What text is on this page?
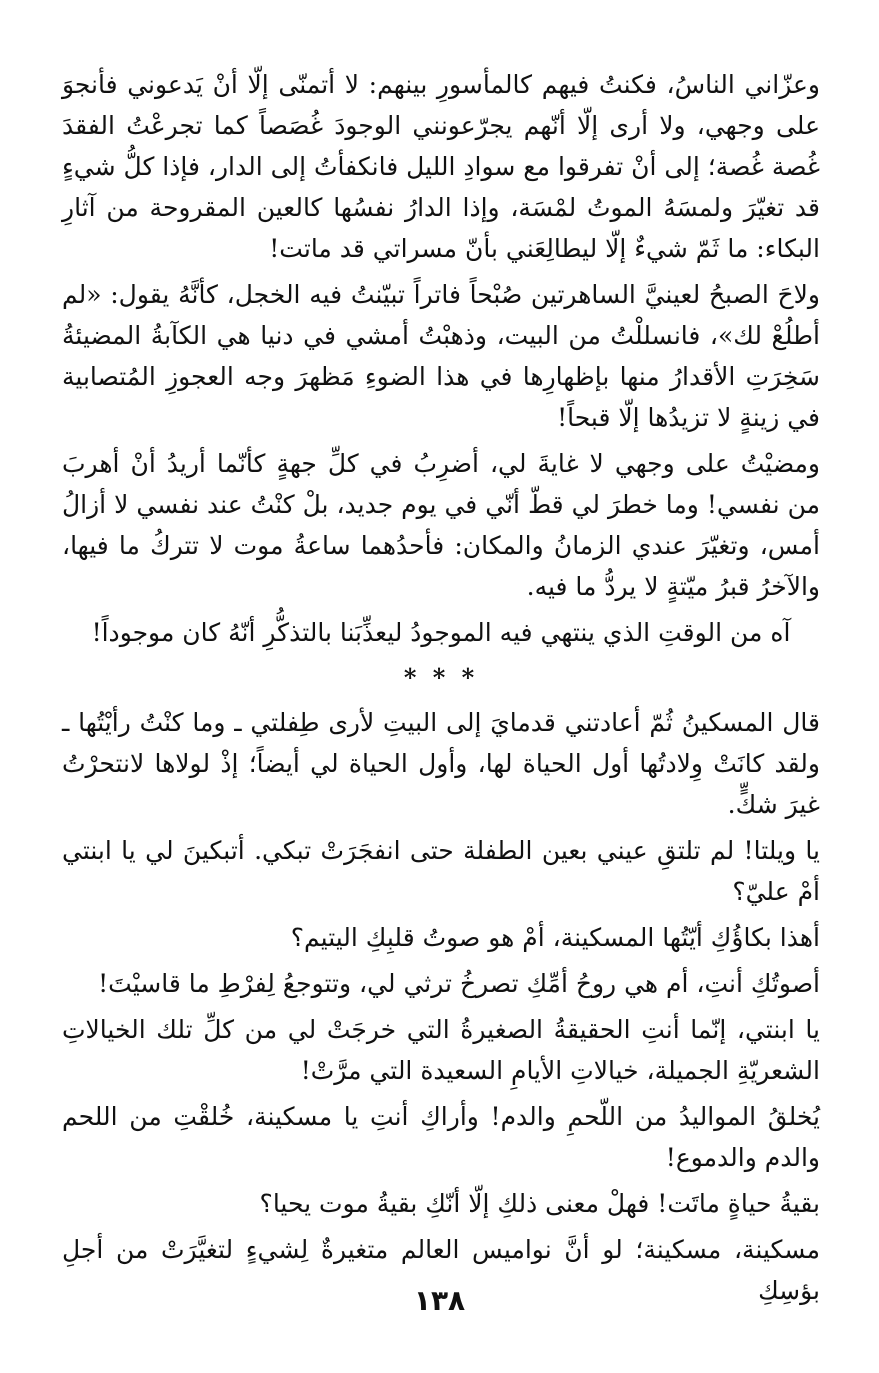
وعزّاني الناسُ، فكنتُ فيهم كالمأسورِ بينهم: لا أتمنّى إلّا أنْ يَدعوني فأنجوَ على وجهي، ولا أرى إلّا أنّهم يجرّعونني الوجودَ غُصَصاً كما تجرعْتُ الفقدَ غُصة غُصة؛ إلى أنْ تفرقوا مع سوادِ الليل فانكفأتُ إلى الدار، فإذا كلُّ شيءٍ قد تغيّرَ ولمسَهُ الموتُ لمْسَة، وإذا الدارُ نفسُها كالعين المقروحة من آثارِ البكاء: ما ثَمّ شيءٌ إلّا ليطالِعَني بأنّ مسراتي قد ماتت!

ولاحَ الصبحُ لعينيَّ الساهرتين صُبْحاً فاتراً تبيّنتُ فيه الخجل، كأنَّهُ يقول: «لم أطلُعْ لك»، فانسللْتُ من البيت، وذهبْتُ أمشي في دنيا هي الكآبةُ المضيئةُ سَخِرَتِ الأقدارُ منها بإظهارِها في هذا الضوءِ مَظهرَ وجه العجوزِ المُتصابية في زينةٍ لا تزيدُها إلّا قبحاً!

ومضيْتُ على وجهي لا غايةَ لي، أضرِبُ في كلِّ جهةٍ كأنّما أريدُ أنْ أهربَ من نفسي! وما خطرَ لي قطّ أنّي في يوم جديد، بلْ كنْتُ عند نفسي لا أزالُ أمس، وتغيّرَ عندي الزمانُ والمكان: فأحدُهما ساعةُ موت لا تتركُ ما فيها، والآخرُ قبرُ ميّتةٍ لا يردُّ ما فيه.

آه من الوقتِ الذي ينتهي فيه الموجودُ ليعذِّبَنا بالتذكُّرِ أنّهُ كان موجوداً!

* * *

قال المسكينُ ثُمّ أعادتني قدمايَ إلى البيتِ لأرى طِفلتي ـ وما كنْتُ رأيْتُها ـ ولقد كانَتْ وِلادتُها أول الحياة لها، وأول الحياة لي أيضاً؛ إذْ لولاها لانتحرْتُ غيرَ شكٍّ.

يا ويلتا! لم تلتقِ عيني بعين الطفلة حتى انفجَرَتْ تبكي. أتبكينَ لي يا ابنتي أمْ عليّ؟

أهذا بكاؤُكِ أيّتُها المسكينة، أمْ هو صوتُ قلبِكِ اليتيم؟

أصوتُكِ أنتِ، أم هي روحُ أمِّكِ تصرخُ ترثي لي، وتتوجعُ لِفرْطِ ما قاسيْتَ!

يا ابنتي، إنّما أنتِ الحقيقةُ الصغيرةُ التي خرجَتْ لي من كلِّ تلك الخيالاتِ الشعريّةِ الجميلة، خيالاتِ الأيامِ السعيدة التي مرَّتْ!

يُخلقُ المواليدُ من اللّحمِ والدم! وأراكِ أنتِ يا مسكينة، خُلقْتِ من اللحم والدم والدموع!

بقيةُ حياةٍ ماتَت! فهلْ معنى ذلكِ إلّا أنّكِ بقيةُ موت يحيا؟

مسكينة، مسكينة؛ لو أنَّ نواميس العالم متغيرةٌ لِشيءٍ لتغيَّرَتْ من أجلِ بؤسِكِ

١٣٨
